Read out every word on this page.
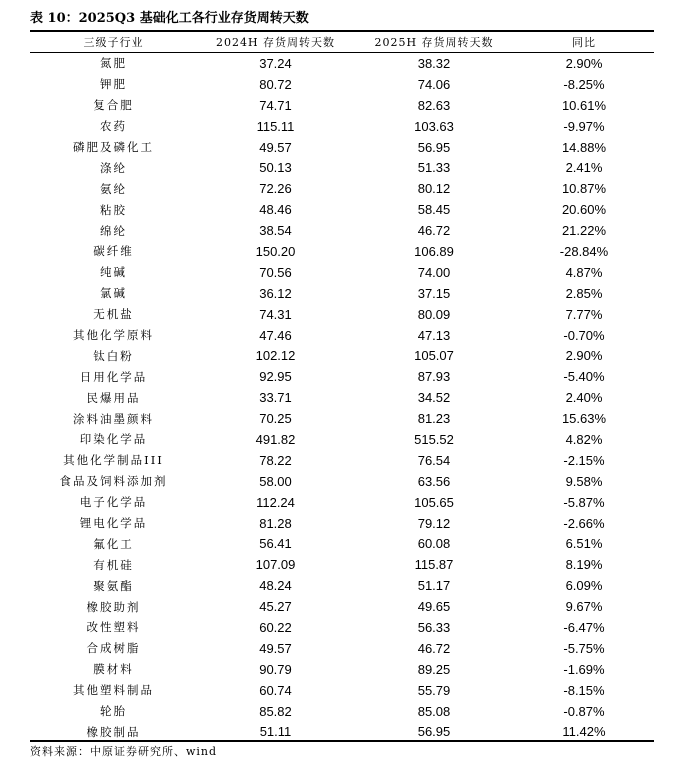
表 10：2025Q3 基础化工各行业存货周转天数
三级子行业	2024H 存货周转天数	2025H 存货周转天数	同比
氮肥	37.24	38.32	2.90%
钾肥	80.72	74.06	-8.25%
复合肥	74.71	82.63	10.61%
农药	115.11	103.63	-9.97%
磷肥及磷化工	49.57	56.95	14.88%
涤纶	50.13	51.33	2.41%
氨纶	72.26	80.12	10.87%
粘胶	48.46	58.45	20.60%
绵纶	38.54	46.72	21.22%
碳纤维	150.20	106.89	-28.84%
纯碱	70.56	74.00	4.87%
氯碱	36.12	37.15	2.85%
无机盐	74.31	80.09	7.77%
其他化学原料	47.46	47.13	-0.70%
钛白粉	102.12	105.07	2.90%
日用化学品	92.95	87.93	-5.40%
民爆用品	33.71	34.52	2.40%
涂料油墨颜料	70.25	81.23	15.63%
印染化学品	491.82	515.52	4.82%
其他化学制品III	78.22	76.54	-2.15%
食品及饲料添加剂	58.00	63.56	9.58%
电子化学品	112.24	105.65	-5.87%
锂电化学品	81.28	79.12	-2.66%
氟化工	56.41	60.08	6.51%
有机硅	107.09	115.87	8.19%
聚氨酯	48.24	51.17	6.09%
橡胶助剂	45.27	49.65	9.67%
改性塑料	60.22	56.33	-6.47%
合成树脂	49.57	46.72	-5.75%
膜材料	90.79	89.25	-1.69%
其他塑料制品	60.74	55.79	-8.15%
轮胎	85.82	85.08	-0.87%
橡胶制品	51.11	56.95	11.42%
资料来源：中原证券研究所、wind
